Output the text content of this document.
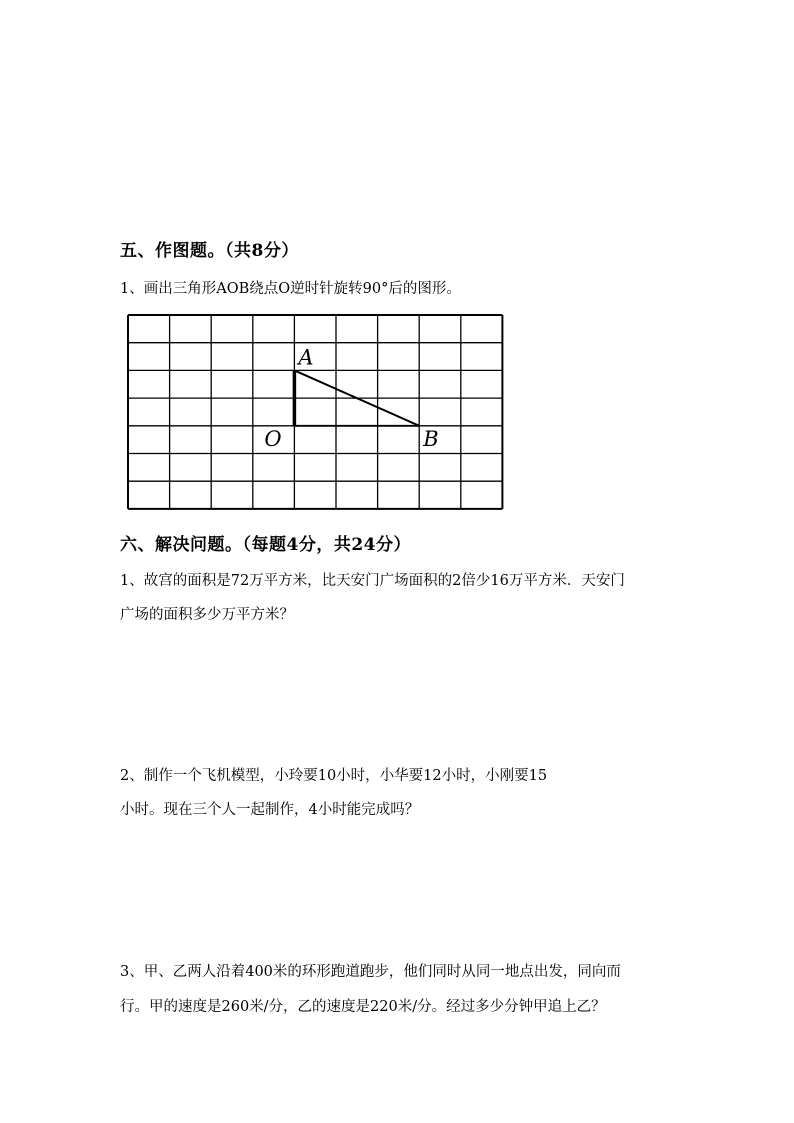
五、作图题。（共8分）
1、画出三角形AOB绕点O逆时针旋转90°后的图形。
A
O	B
六、解决问题。（每题4分，共24分）
1、故宫的面积是72万平方米，比天安门广场面积的2倍少16万平方米．天安门
广场的面积多少万平方米？
2、制作一个飞机模型，小玲要10小时，小华要12小时，小刚要15
小时。现在三个人一起制作，4小时能完成吗？
3、甲、乙两人沿着400米的环形跑道跑步，他们同时从同一地点出发，同向而
行。甲的速度是260米/分，乙的速度是220米/分。经过多少分钟甲追上乙？
